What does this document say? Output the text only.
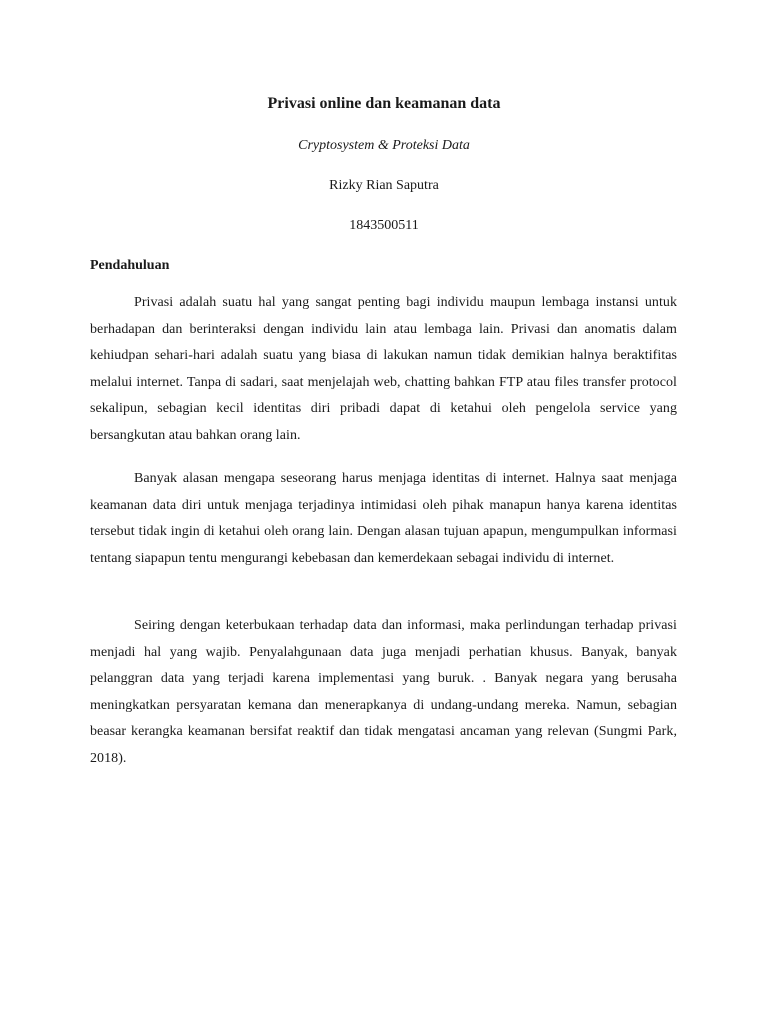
Privasi online dan keamanan data
Cryptosystem & Proteksi Data
Rizky Rian Saputra
1843500511
Pendahuluan

Privasi adalah suatu hal yang sangat penting bagi individu maupun lembaga instansi untuk berhadapan dan berinteraksi dengan individu lain atau lembaga lain. Privasi dan anomatis dalam kehiudpan sehari-hari adalah suatu yang biasa di lakukan namun tidak demikian halnya beraktifitas melalui internet. Tanpa di sadari, saat menjelajah web, chatting bahkan FTP atau files transfer protocol sekalipun, sebagian kecil identitas diri pribadi dapat di ketahui oleh pengelola service yang bersangkutan atau bahkan orang lain.

Banyak alasan mengapa seseorang harus menjaga identitas di internet. Halnya saat menjaga keamanan data diri untuk menjaga terjadinya intimidasi oleh pihak manapun hanya karena identitas tersebut tidak ingin di ketahui oleh orang lain. Dengan alasan tujuan apapun, mengumpulkan informasi tentang siapapun tentu mengurangi kebebasan dan kemerdekaan sebagai individu di internet.

Seiring dengan keterbukaan terhadap data dan informasi, maka perlindungan terhadap privasi menjadi hal yang wajib. Penyalahgunaan data juga menjadi perhatian khusus. Banyak, banyak pelanggran data yang terjadi karena implementasi yang buruk. . Banyak negara yang berusaha meningkatkan persyaratan kemana dan menerapkanya di undang-undang mereka. Namun, sebagian beasar kerangka keamanan bersifat reaktif dan tidak mengatasi ancaman yang relevan (Sungmi Park, 2018).
